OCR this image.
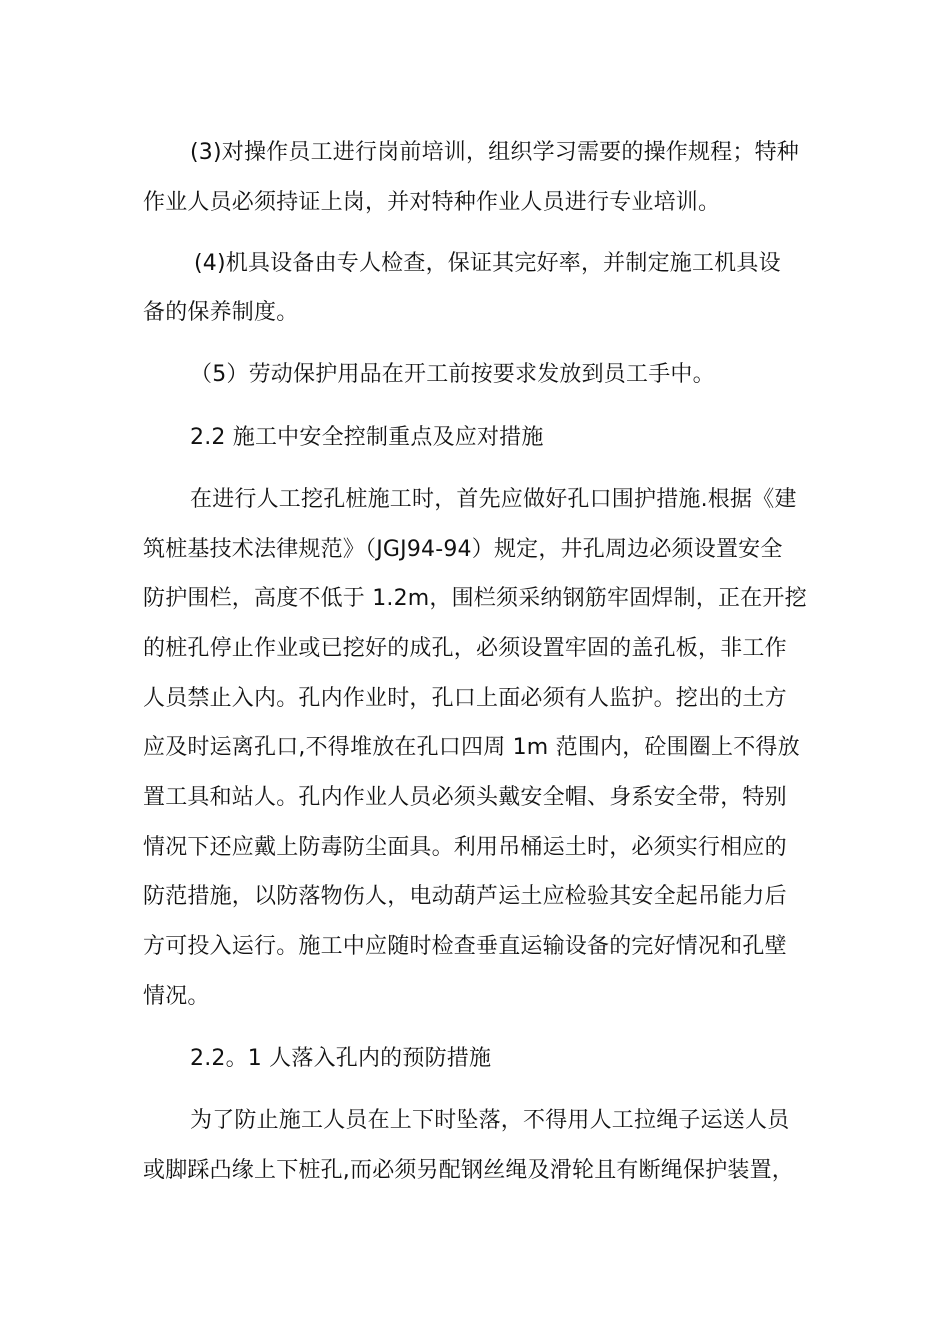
(3)对操作员工进行岗前培训，组织学习需要的操作规程；特种
作业人员必须持证上岗，并对特种作业人员进行专业培训。
(4)机具设备由专人检查，保证其完好率，并制定施工机具设
备的保养制度。
（5）劳动保护用品在开工前按要求发放到员工手中。
2.2 施工中安全控制重点及应对措施
在进行人工挖孔桩施工时，首先应做好孔口围护措施.根据《建
筑桩基技术法律规范》（JGJ94-94）规定，井孔周边必须设置安全
防护围栏，高度不低于 1.2m，围栏须采纳钢筋牢固焊制，正在开挖
的桩孔停止作业或已挖好的成孔，必须设置牢固的盖孔板，非工作
人员禁止入内。孔内作业时，孔口上面必须有人监护。挖出的土方
应及时运离孔口,不得堆放在孔口四周 1m 范围内，砼围圈上不得放
置工具和站人。孔内作业人员必须头戴安全帽、身系安全带，特别
情况下还应戴上防毒防尘面具。利用吊桶运土时，必须实行相应的
防范措施，以防落物伤人，电动葫芦运土应检验其安全起吊能力后
方可投入运行。施工中应随时检查垂直运输设备的完好情况和孔壁
情况。
2.2。1 人落入孔内的预防措施
为了防止施工人员在上下时坠落，不得用人工拉绳子运送人员
或脚踩凸缘上下桩孔,而必须另配钢丝绳及滑轮且有断绳保护装置，
